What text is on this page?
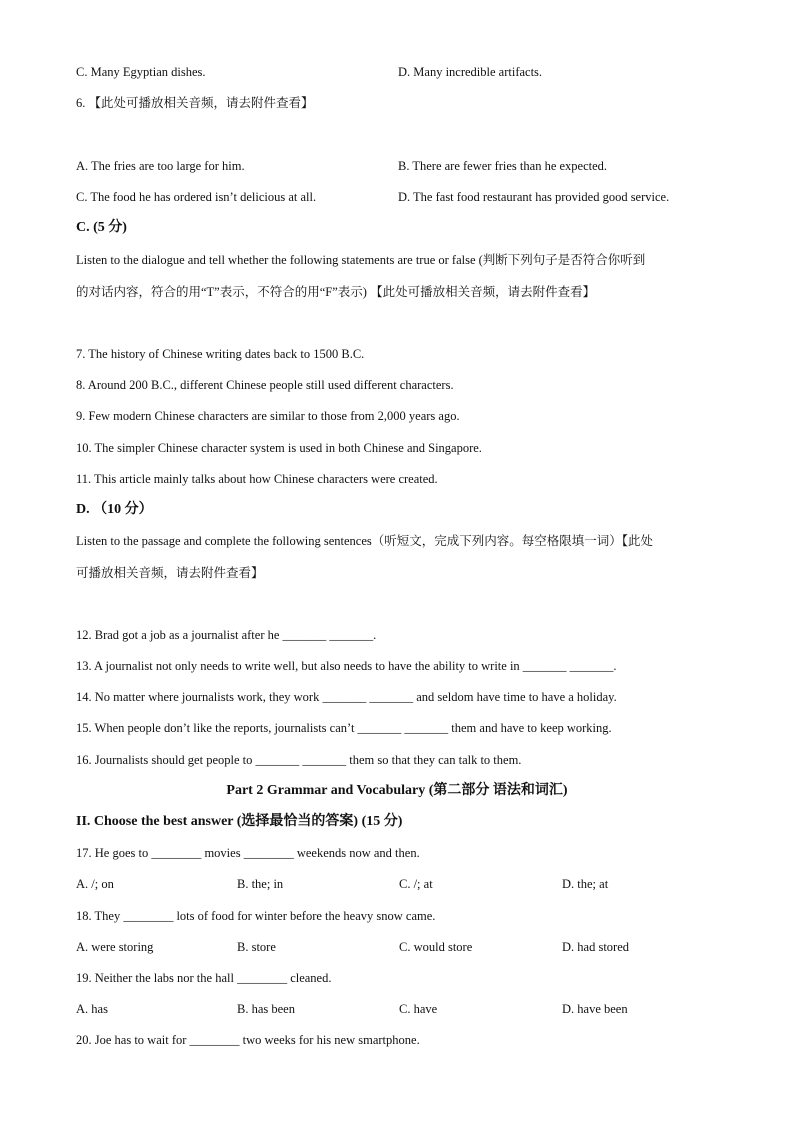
C. Many Egyptian dishes.	D. Many incredible artifacts.
6. 【此处可播放相关音频，请去附件查看】
A. The fries are too large for him.	B. There are fewer fries than he expected.
C. The food he has ordered isn’t delicious at all.	D. The fast food restaurant has provided good service.
C. (5 分)
Listen to the dialogue and tell whether the following statements are true or false (判断下列句子是否符合你听到
的对话内容，符合的用“T”表示，不符合的用“F”表示) 【此处可播放相关音频，请去附件查看】
7. The history of Chinese writing dates back to 1500 B.C.
8. Around 200 B.C., different Chinese people still used different characters.
9. Few modern Chinese characters are similar to those from 2,000 years ago.
10. The simpler Chinese character system is used in both Chinese and Singapore.
11. This article mainly talks about how Chinese characters were created.
D. （10 分）
Listen to the passage and complete the following sentences（听短文，完成下列内容。每空格限填一词）【此处
可播放相关音频，请去附件查看】
12. Brad got a job as a journalist after he _______ _______.
13. A journalist not only needs to write well, but also needs to have the ability to write in _______ _______.
14. No matter where journalists work, they work _______ _______ and seldom have time to have a holiday.
15. When people don’t like the reports, journalists can’t _______ _______ them and have to keep working.
16. Journalists should get people to _______ _______ them so that they can talk to them.
Part 2 Grammar and Vocabulary (第二部分 语法和词汇)
II. Choose the best answer (选择最恰当的答案) (15 分)
17. He goes to ________ movies ________ weekends now and then.
A. /; on	B. the; in	C. /; at	D. the; at
18. They ________ lots of food for winter before the heavy snow came.
A. were storing	B. store	C. would store	D. had stored
19. Neither the labs nor the hall ________ cleaned.
A. has	B. has been	C. have	D. have been
20. Joe has to wait for ________ two weeks for his new smartphone.
